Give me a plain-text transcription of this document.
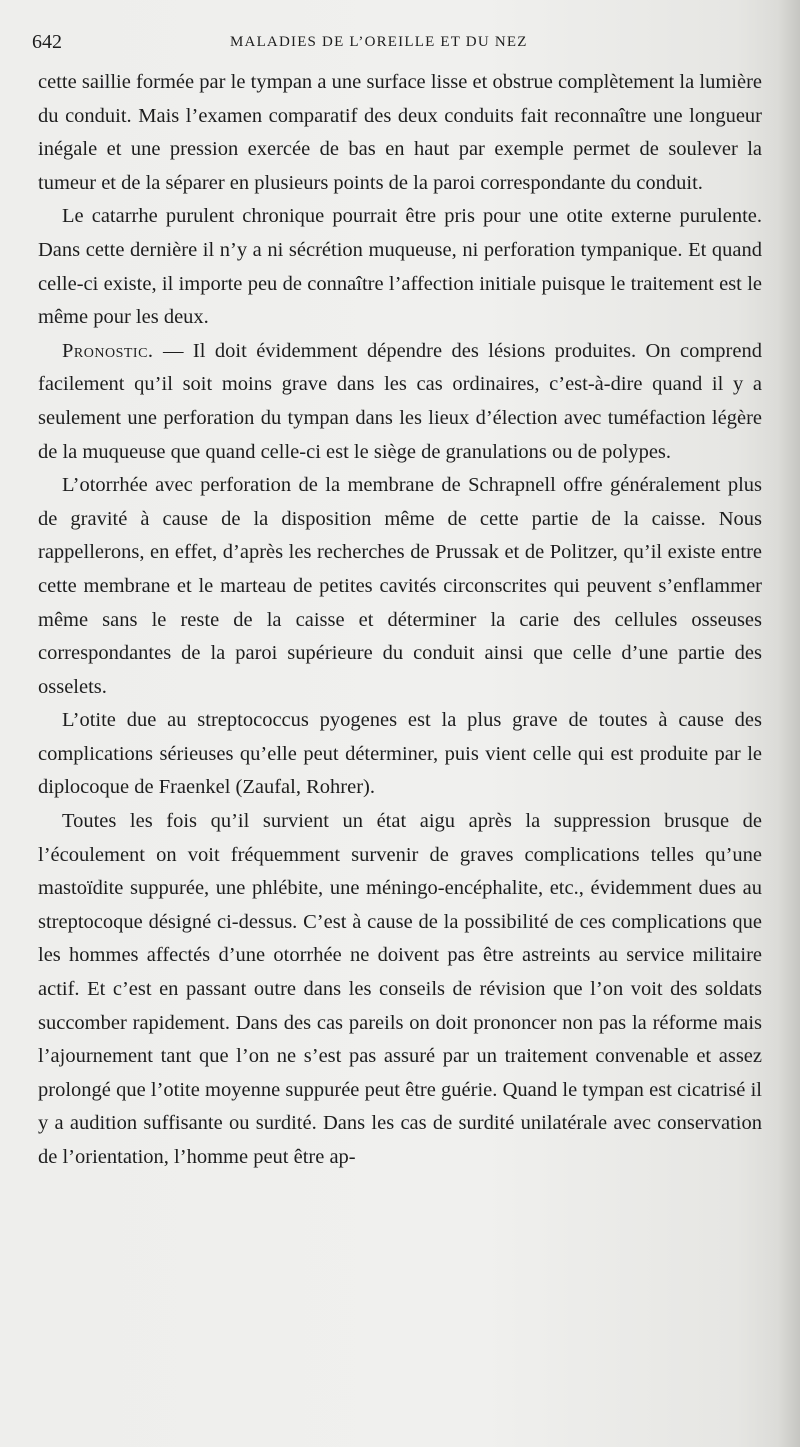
642	MALADIES DE L’OREILLE ET DU NEZ

cette saillie formée par le tympan a une surface lisse et obstrue complètement la lumière du conduit. Mais l’examen comparatif des deux conduits fait reconnaître une longueur inégale et une pression exercée de bas en haut par exemple permet de soulever la tumeur et de la séparer en plusieurs points de la paroi correspondante du conduit.

Le catarrhe purulent chronique pourrait être pris pour une otite externe purulente. Dans cette dernière il n’y a ni sécrétion muqueuse, ni perforation tympanique. Et quand celle-ci existe, il importe peu de connaître l’affection initiale puisque le traitement est le même pour les deux.

Pronostic. — Il doit évidemment dépendre des lésions produites. On comprend facilement qu’il soit moins grave dans les cas ordinaires, c’est-à-dire quand il y a seulement une perforation du tympan dans les lieux d’élection avec tuméfaction légère de la muqueuse que quand celle-ci est le siège de granulations ou de polypes.

L’otorrhée avec perforation de la membrane de Schrapnell offre généralement plus de gravité à cause de la disposition même de cette partie de la caisse. Nous rappellerons, en effet, d’après les recherches de Prussak et de Politzer, qu’il existe entre cette membrane et le marteau de petites cavités circonscrites qui peuvent s’enflammer même sans le reste de la caisse et déterminer la carie des cellules osseuses correspondantes de la paroi supérieure du conduit ainsi que celle d’une partie des osselets.

L’otite due au streptococcus pyogenes est la plus grave de toutes à cause des complications sérieuses qu’elle peut déterminer, puis vient celle qui est produite par le diplocoque de Fraenkel (Zaufal, Rohrer).

Toutes les fois qu’il survient un état aigu après la suppression brusque de l’écoulement on voit fréquemment survenir de graves complications telles qu’une mastoïdite suppurée, une phlébite, une méningo-encéphalite, etc., évidemment dues au streptocoque désigné ci-dessus. C’est à cause de la possibilité de ces complications que les hommes affectés d’une otorrhée ne doivent pas être astreints au service militaire actif. Et c’est en passant outre dans les conseils de révision que l’on voit des soldats succomber rapidement. Dans des cas pareils on doit prononcer non pas la réforme mais l’ajournement tant que l’on ne s’est pas assuré par un traitement convenable et assez prolongé que l’otite moyenne suppurée peut être guérie. Quand le tympan est cicatrisé il y a audition suffisante ou surdité. Dans les cas de surdité unilatérale avec conservation de l’orientation, l’homme peut être ap-
